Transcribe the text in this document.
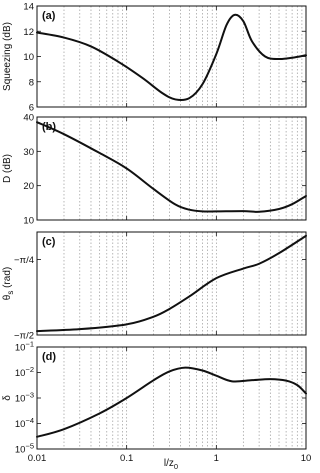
6
8
10
12
14
(a)
Squeezing (dB)
10
20
30
40
(b)
D (dB)
−π/2
−π/4
(c)
$\theta_s$ (rad)
$10^{-5}$
$10^{-4}$
$10^{-3}$
$10^{-2}$
$10^{-1}$
(d)
δ
0.01	0.1	1	10
$l/z_0$
